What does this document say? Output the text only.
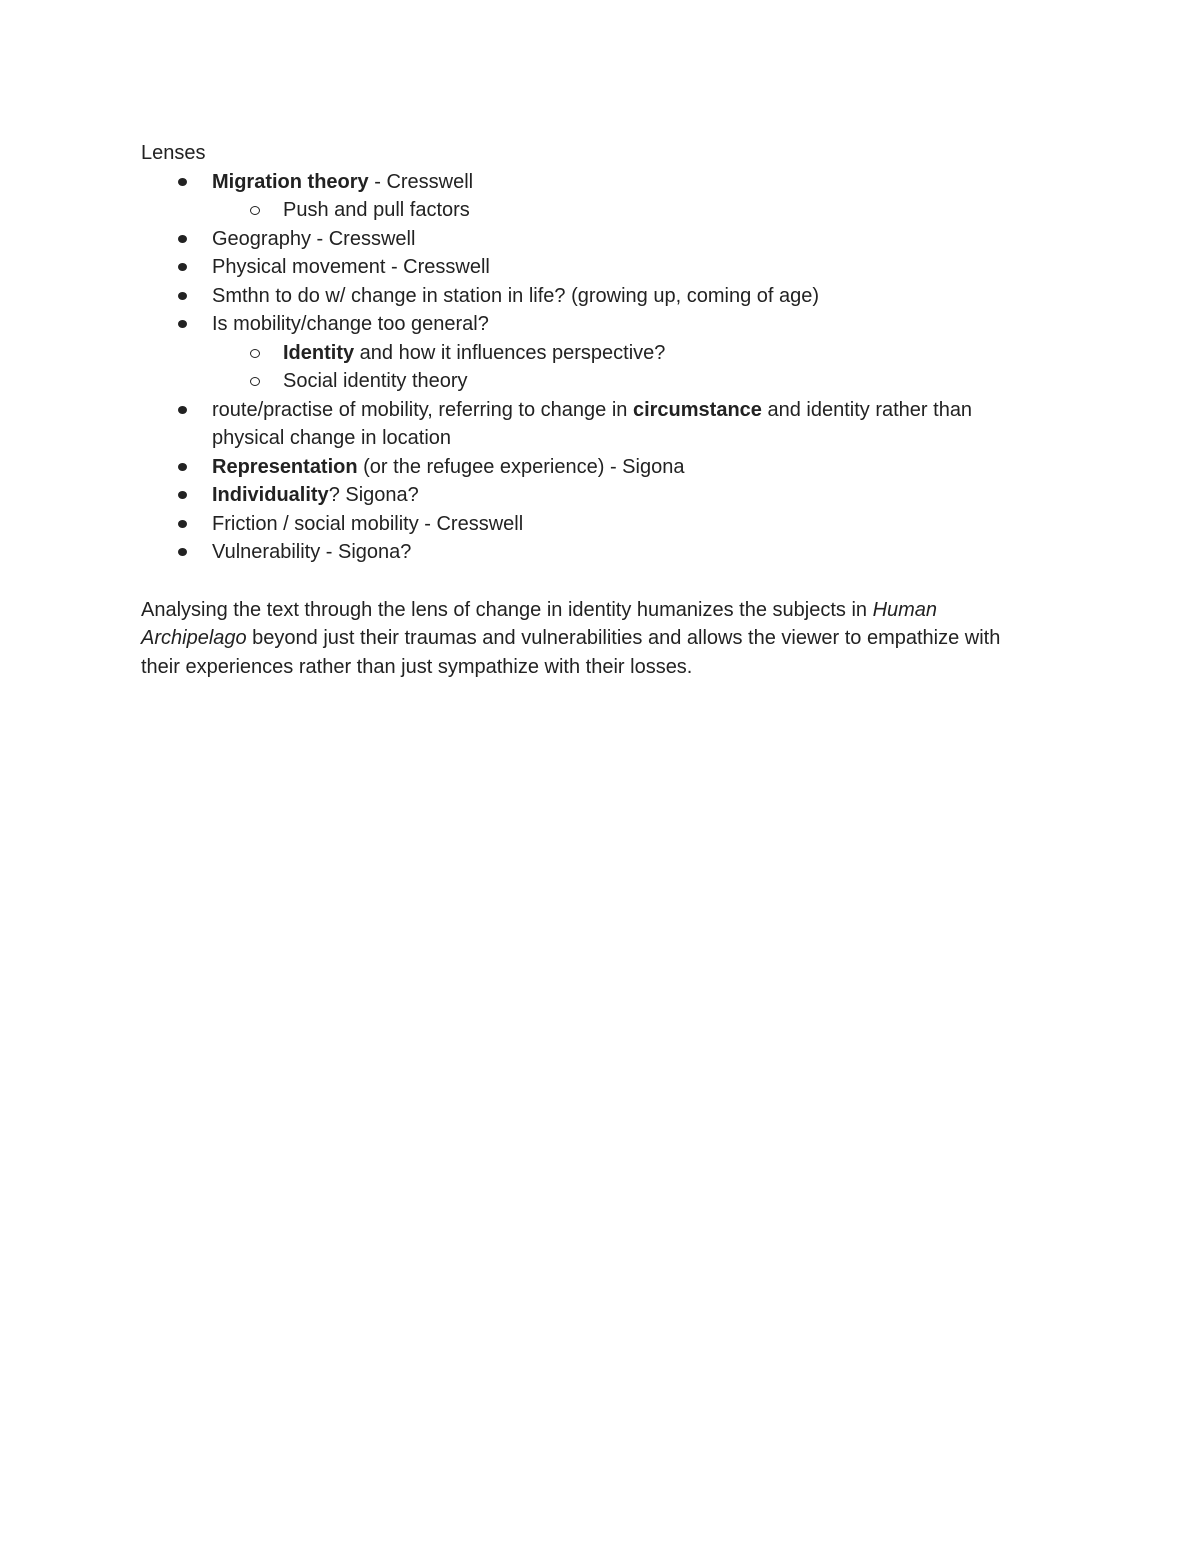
Lenses

Migration theory - Cresswell
Push and pull factors
Geography - Cresswell
Physical movement - Cresswell
Smthn to do w/ change in station in life? (growing up, coming of age)
Is mobility/change too general?
Identity and how it influences perspective?
Social identity theory
route/practise of mobility, referring to change in circumstance and identity rather than physical change in location
Representation (or the refugee experience) - Sigona
Individuality? Sigona?
Friction / social mobility - Cresswell
Vulnerability - Sigona?

Analysing the text through the lens of change in identity humanizes the subjects in Human Archipelago beyond just their traumas and vulnerabilities and allows the viewer to empathize with their experiences rather than just sympathize with their losses.
